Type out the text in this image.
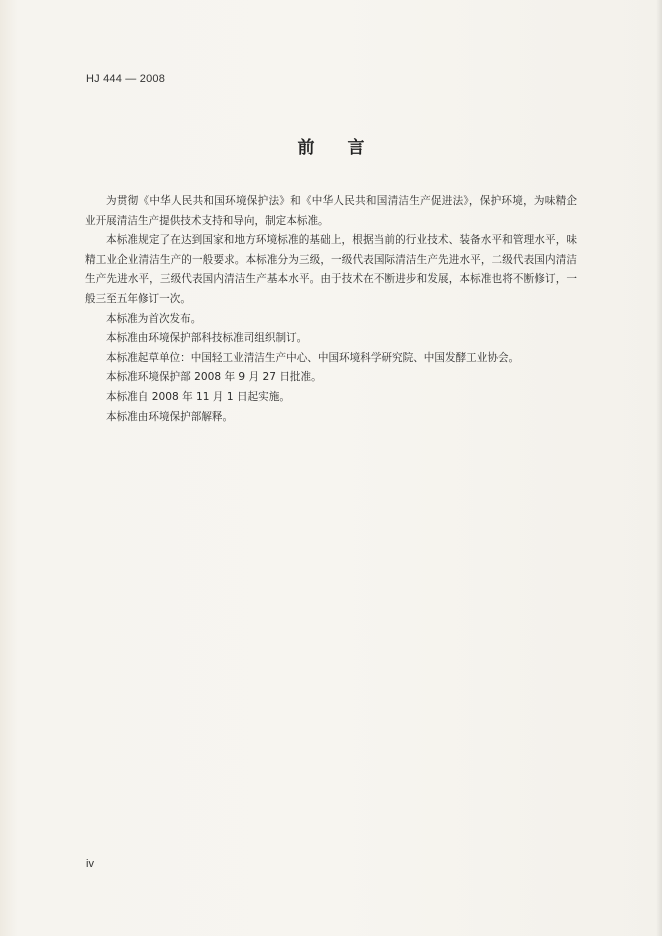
HJ 444 — 2008
前言

为贯彻《中华人民共和国环境保护法》和《中华人民共和国清洁生产促进法》，保护环境，为味精企业开展清洁生产提供技术支持和导向，制定本标准。

本标准规定了在达到国家和地方环境标准的基础上，根据当前的行业技术、装备水平和管理水平，味精工业企业清洁生产的一般要求。本标准分为三级，一级代表国际清洁生产先进水平，二级代表国内清洁生产先进水平，三级代表国内清洁生产基本水平。由于技术在不断进步和发展，本标准也将不断修订，一般三至五年修订一次。

本标准为首次发布。

本标准由环境保护部科技标准司组织制订。

本标准起草单位：中国轻工业清洁生产中心、中国环境科学研究院、中国发酵工业协会。

本标准环境保护部 2008 年 9 月 27 日批准。

本标准自 2008 年 11 月 1 日起实施。

本标准由环境保护部解释。

iv
